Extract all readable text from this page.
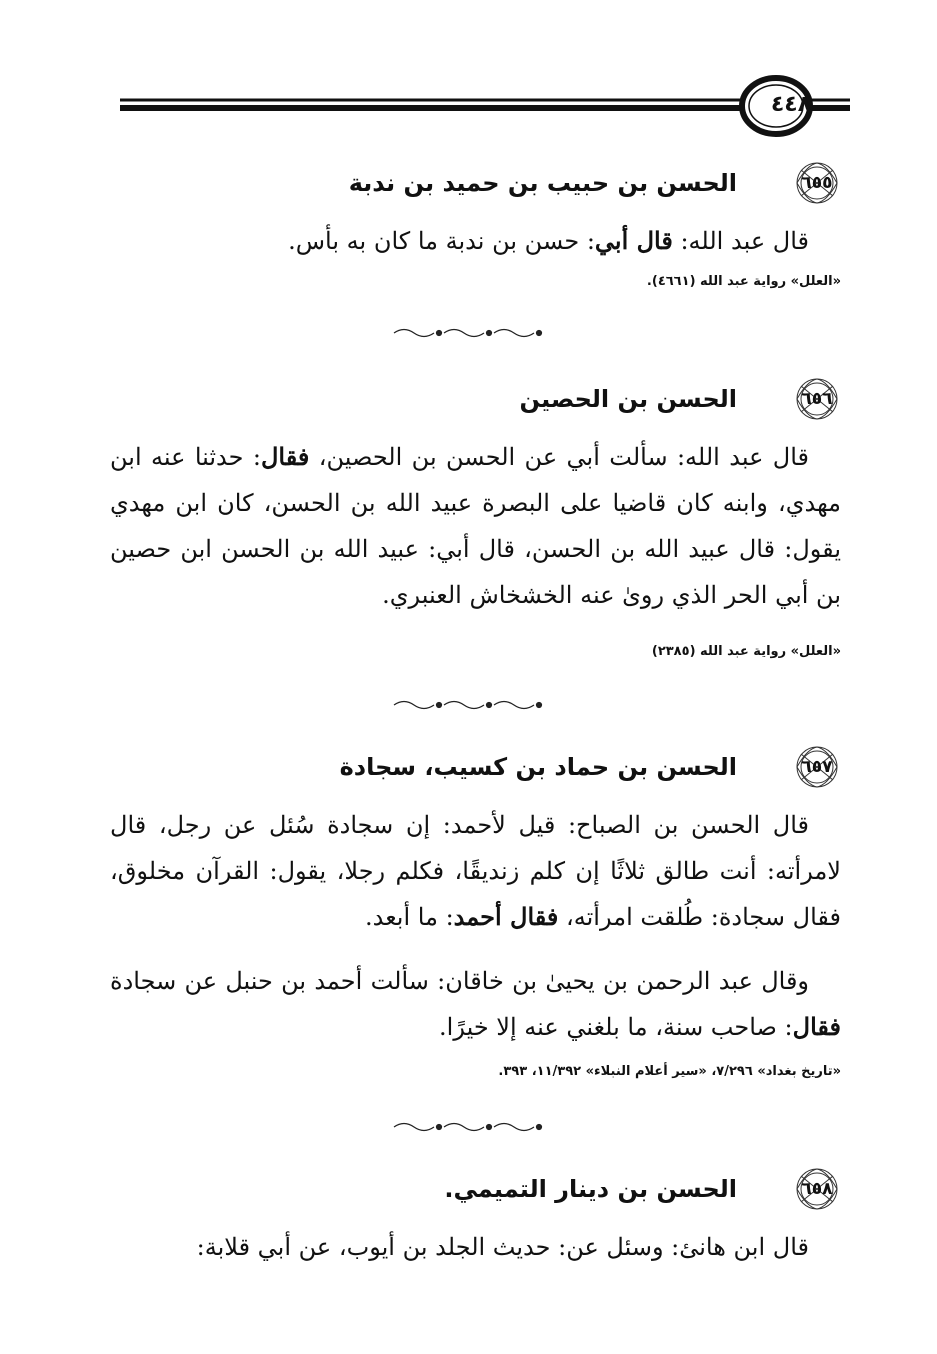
٤٤٨
٦٥٥
الحسن بن حبيب بن حميد بن ندبة
قال عبد الله: قال أبي: حسن بن ندبة ما كان به بأس.
«العلل» رواية عبد الله (٤٦٦١).
٦٥٦
الحسن بن الحصين
قال عبد الله: سألت أبي عن الحسن بن الحصين، فقال: حدثنا عنه ابن مهدي، وابنه كان قاضيا على البصرة عبيد الله بن الحسن، كان ابن مهدي يقول: قال عبيد الله بن الحسن، قال أبي: عبيد الله بن الحسن ابن حصين بن أبي الحر الذي رویٰ عنه الخشخاش العنبري.
«العلل» رواية عبد الله (٢٣٨٥)
٦٥٧
الحسن بن حماد بن كسيب، سجادة
قال الحسن بن الصباح: قيل لأحمد: إن سجادة سُئل عن رجل، قال لامرأته: أنت طالق ثلاثًا إن كلم زنديقًا، فكلم رجلا، يقول: القرآن مخلوق، فقال سجادة: طُلقت امرأته، فقال أحمد: ما أبعد.
وقال عبد الرحمن بن يحيىٰ بن خاقان: سألت أحمد بن حنبل عن سجادة فقال: صاحب سنة، ما بلغني عنه إلا خيرًا.
«تاريخ بغداد» ٧/٢٩٦، «سير أعلام النبلاء» ١١/٣٩٢، ٣٩٣.
٦٥٨
الحسن بن دينار التميمي.
قال ابن هانئ: وسئل عن: حديث الجلد بن أيوب، عن أبي قلابة:
